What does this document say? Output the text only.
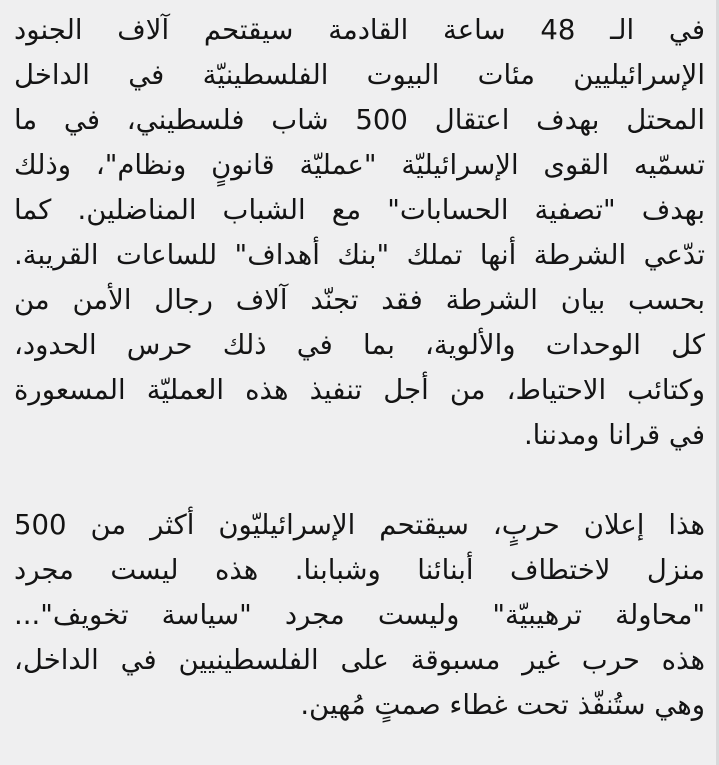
في الـ 48 ساعة القادمة سيقتحم آلاف الجنود
الإسرائيليين مئات البيوت الفلسطينيّة في الداخل
المحتل بهدف اعتقال 500 شاب فلسطيني، في ما
تسمّيه القوى الإسرائيليّة "عمليّة قانونٍ ونظام"، وذلك
بهدف "تصفية الحسابات" مع الشباب المناضلين. كما
تدّعي الشرطة أنها تملك "بنك أهداف" للساعات القريبة.
بحسب بيان الشرطة فقد تجنّد آلاف رجال الأمن من
كل الوحدات والألوية، بما في ذلك حرس الحدود،
وكتائب الاحتياط، من أجل تنفيذ هذه العمليّة المسعورة
في قرانا ومدننا.
هذا إعلان حربٍ، سيقتحم الإسرائيليّون أكثر من 500
منزل لاختطاف أبنائنا وشبابنا. هذه ليست مجرد
"محاولة ترهيبيّة" وليست مجرد "سياسة تخويف"...
هذه حرب غير مسبوقة على الفلسطينيين في الداخل،
وهي ستُنفّذ تحت غطاء صمتٍ مُهين.
